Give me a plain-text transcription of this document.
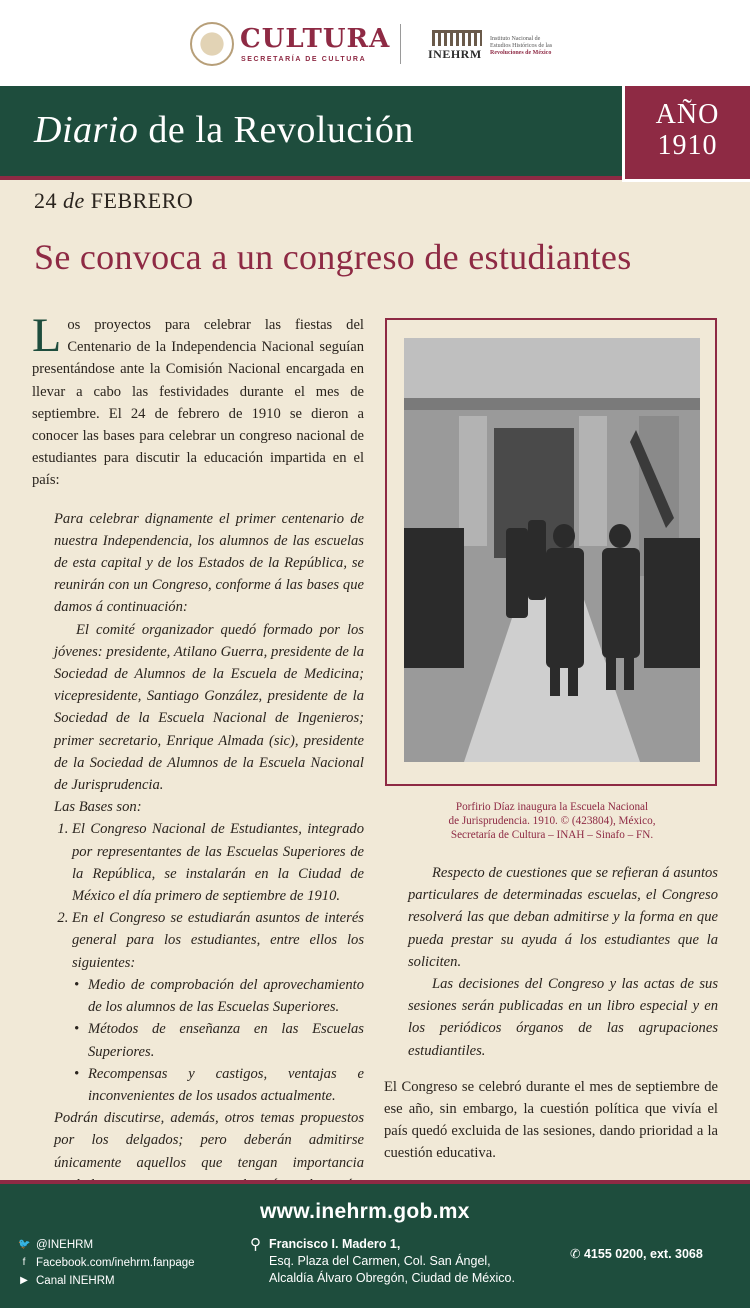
CULTURA
SECRETARÍA DE CULTURA	INEHRM
Instituto Nacional de
Estudios Históricos de las
Revoluciones de México
Diario de la Revolución	AÑO
1910
24 de FEBRERO
Se convoca a un congreso de estudiantes

Los proyectos para celebrar las fiestas del Centenario de la Independencia Nacional seguían presentándose ante la Comisión Nacional encargada en llevar a cabo las festividades durante el mes de septiembre. El 24 de febrero de 1910 se dieron a conocer las bases para celebrar un congreso nacional de estudiantes para discutir la educación impartida en el país:

Para celebrar dignamente el primer centenario de nuestra Independencia, los alumnos de las escuelas de esta capital y de los Estados de la República, se reunirán con un Congreso, conforme á las bases que damos á continuación:

El comité organizador quedó formado por los jóvenes: presidente, Atilano Guerra, presidente de la Sociedad de Alumnos de la Escuela de Medicina; vicepresidente, Santiago González, presidente de la Sociedad de la Escuela Nacional de Ingenieros; primer secretario, Enrique Almada (sic), presidente de la Sociedad de Alumnos de la Escuela Nacional de Jurisprudencia.

Las Bases son:

1. El Congreso Nacional de Estudiantes, integrado por representantes de las Escuelas Superiores de la República, se instalarán en la Ciudad de México el día primero de septiembre de 1910.
2. En el Congreso se estudiarán asuntos de interés general para los estudiantes, entre ellos los siguientes:
• Medio de comprobación del aprovechamiento de los alumnos de las Escuelas Superiores.
• Métodos de enseñanza en las Escuelas Superiores.
• Recompensas y castigos, ventajas e inconvenientes de los usados actualmente.

Podrán discutirse, además, otros temas propuestos por los delgados; pero deberán admitirse únicamente aquellos que tengan importancia

Porfirio Díaz inaugura la Escuela Nacional
de Jurisprudencia. 1910. © (423804), México,
Secretaría de Cultura – INAH – Sinafo – FN.

Respecto de cuestiones que se refieran á asuntos particulares de determinadas escuelas, el Congreso resolverá las que deban admitirse y la forma en que pueda prestar su ayuda á los estudiantes que la soliciten.

Las decisiones del Congreso y las actas de sus sesiones serán publicadas en un libro especial y en los periódicos órganos de las agrupaciones estudiantiles.

El Congreso se celebró durante el mes de septiembre de ese año, sin embargo, la cuestión política que vivía el país quedó excluida de las sesiones, dando prioridad a la cuestión educativa.

www.inehrm.gob.mx
🐦 @INEHRM
f Facebook.com/inehrm.fanpage
▶ Canal INEHRM
⚲ Francisco I. Madero 1,
Esq. Plaza del Carmen, Col. San Ángel,
Alcaldía Álvaro Obregón, Ciudad de México.
✆ 4155 0200, ext. 3068
